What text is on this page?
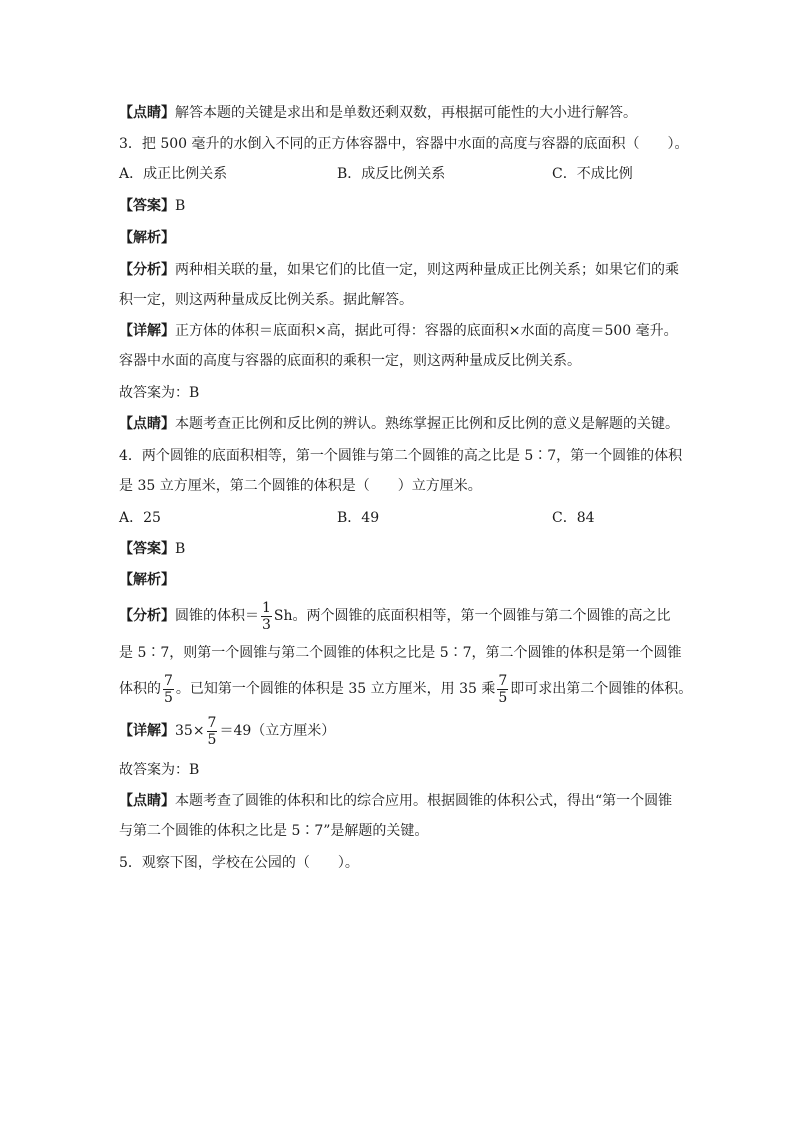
【点睛】解答本题的关键是求出和是单数还剩双数，再根据可能性的大小进行解答。
3．把 500 毫升的水倒入不同的正方体容器中，容器中水面的高度与容器的底面积（　　）。
A．成正比例关系	B．成反比例关系	C．不成比例
【答案】B
【解析】
【分析】两种相关联的量，如果它们的比值一定，则这两种量成正比例关系；如果它们的乘
积一定，则这两种量成反比例关系。据此解答。
【详解】正方体的体积＝底面积×高，据此可得：容器的底面积×水面的高度＝500 毫升。
容器中水面的高度与容器的底面积的乘积一定，则这两种量成反比例关系。
故答案为：B
【点睛】本题考查正比例和反比例的辨认。熟练掌握正比例和反比例的意义是解题的关键。
4．两个圆锥的底面积相等，第一个圆锥与第二个圆锥的高之比是 5∶7，第一个圆锥的体积
是 35 立方厘米，第二个圆锥的体积是（　　）立方厘米。
A．25	B．49	C．84
【答案】B
【解析】
【分析】圆锥的体积＝ $\frac{1}{3}$ Sh。两个圆锥的底面积相等，第一个圆锥与第二个圆锥的高之比
是 5∶7，则第一个圆锥与第二个圆锥的体积之比是 5∶7，第二个圆锥的体积是第一个圆锥
体积的 $\frac{7}{5}$ 。已知第一个圆锥的体积是 35 立方厘米，用 35 乘 $\frac{7}{5}$ 即可求出第二个圆锥的体积。
【详解】$35\times \frac{7}{5} =49$（立方厘米）
故答案为：B
【点睛】本题考查了圆锥的体积和比的综合应用。根据圆锥的体积公式，得出“第一个圆锥
与第二个圆锥的体积之比是 5∶7”是解题的关键。
5．观察下图，学校在公园的（　　）。
